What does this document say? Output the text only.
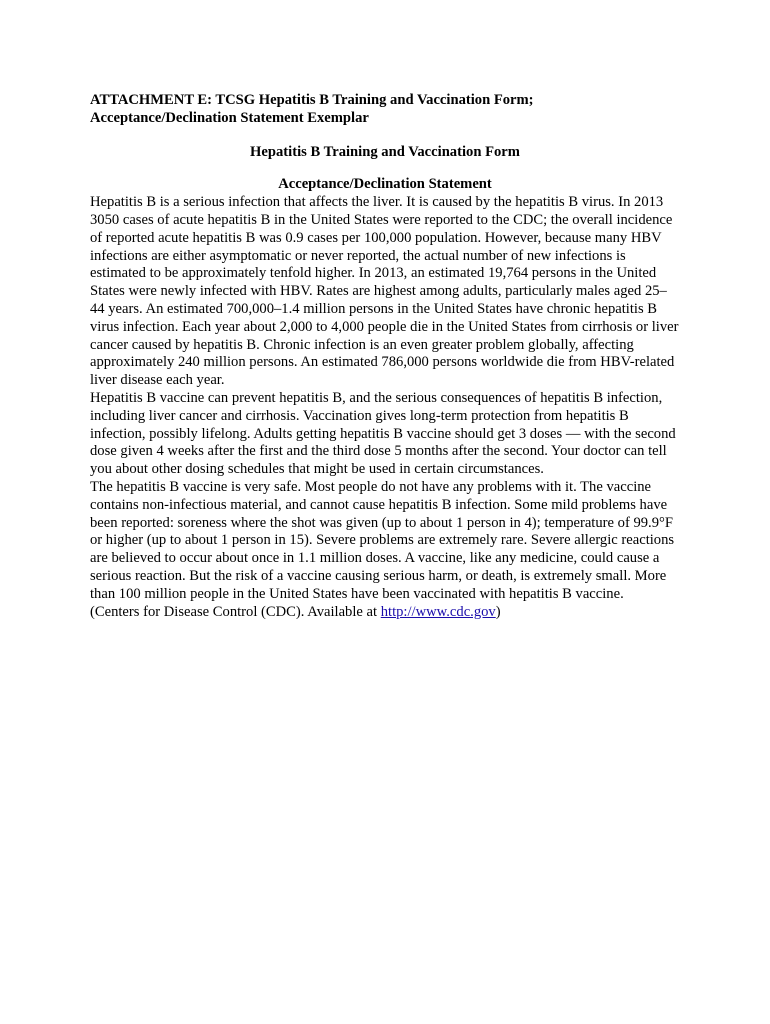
ATTACHMENT E: TCSG Hepatitis B Training and Vaccination Form;
Acceptance/Declination Statement Exemplar
Hepatitis B Training and Vaccination Form
Acceptance/Declination Statement

Hepatitis B is a serious infection that affects the liver. It is caused by the hepatitis B virus. In 2013 3050 cases of acute hepatitis B in the United States were reported to the CDC; the overall incidence of reported acute hepatitis B was 0.9 cases per 100,000 population. However, because many HBV infections are either asymptomatic or never reported, the actual number of new infections is estimated to be approximately tenfold higher. In 2013, an estimated 19,764 persons in the United States were newly infected with HBV. Rates are highest among adults, particularly males aged 25–44 years. An estimated 700,000–1.4 million persons in the United States have chronic hepatitis B virus infection. Each year about 2,000 to 4,000 people die in the United States from cirrhosis or liver cancer caused by hepatitis B. Chronic infection is an even greater problem globally, affecting approximately 240 million persons. An estimated 786,000 persons worldwide die from HBV-related liver disease each year.

Hepatitis B vaccine can prevent hepatitis B, and the serious consequences of hepatitis B infection, including liver cancer and cirrhosis. Vaccination gives long-term protection from hepatitis B infection, possibly lifelong. Adults getting hepatitis B vaccine should get 3 doses — with the second dose given 4 weeks after the first and the third dose 5 months after the second. Your doctor can tell you about other dosing schedules that might be used in certain circumstances.

The hepatitis B vaccine is very safe. Most people do not have any problems with it. The vaccine contains non-infectious material, and cannot cause hepatitis B infection. Some mild problems have been reported: soreness where the shot was given (up to about 1 person in 4); temperature of 99.9°F or higher (up to about 1 person in 15). Severe problems are extremely rare. Severe allergic reactions are believed to occur about once in 1.1 million doses. A vaccine, like any medicine, could cause a serious reaction. But the risk of a vaccine causing serious harm, or death, is extremely small. More than 100 million people in the United States have been vaccinated with hepatitis B vaccine.

(Centers for Disease Control (CDC). Available at http://www.cdc.gov)
